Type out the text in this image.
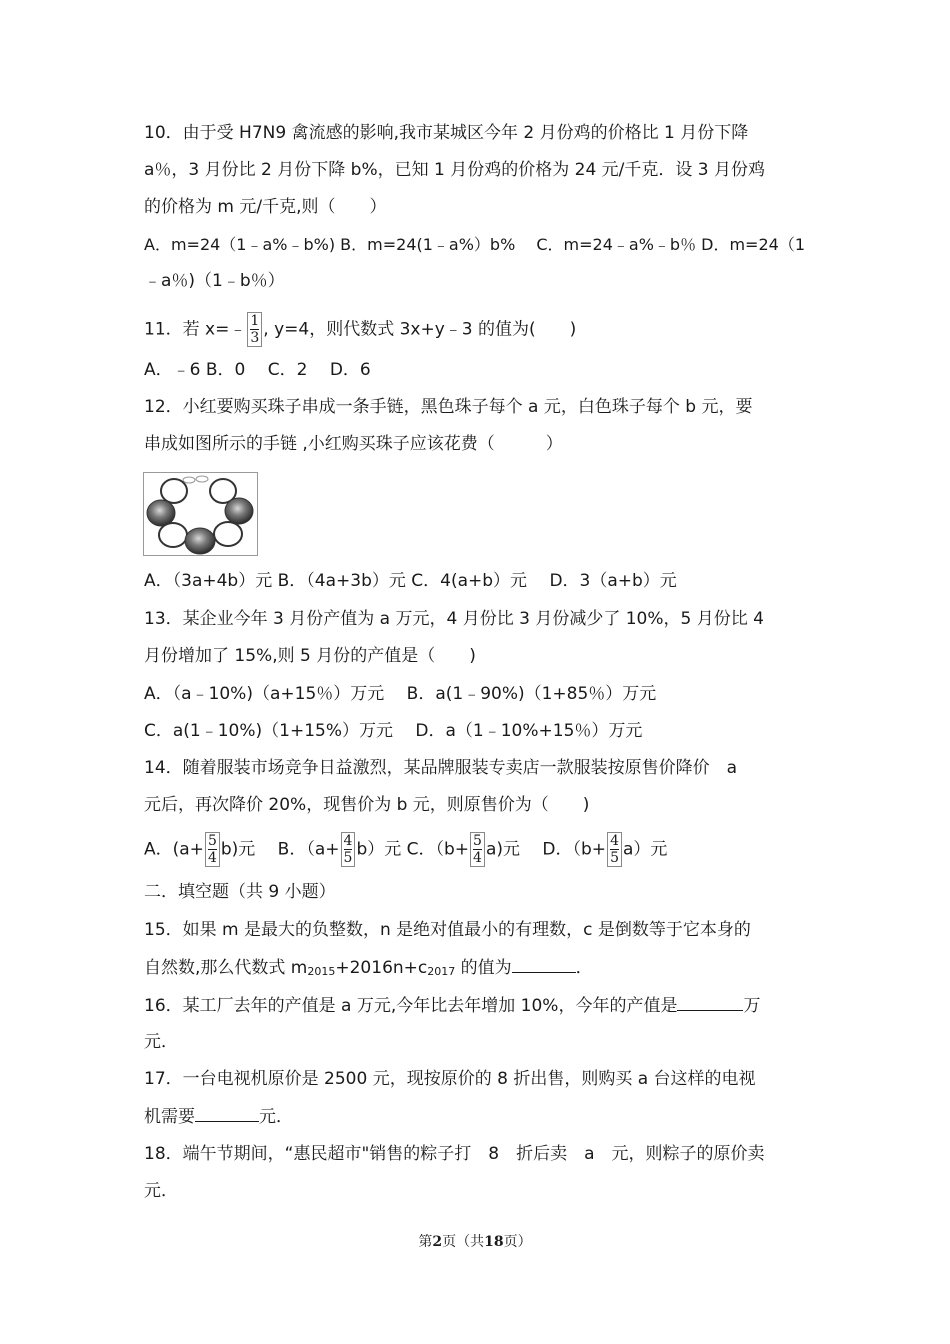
10．由于受 H7N9 禽流感的影响,我市某城区今年 2 月份鸡的价格比 1 月份下降
a％，3 月份比 2 月份下降 b%，已知 1 月份鸡的价格为 24 元/千克．设 3 月份鸡
的价格为 m 元/千克,则（　　）
A．m=24（1﹣a%﹣b%) B．m=24(1﹣a%）b%　 C．m=24﹣a%﹣b％ D．m=24（1
﹣a％)（1﹣b％）
11．若 x=﹣ $\frac{1}{3}$ , y=4，则代数式 3x+y﹣3 的值为(　　)
A．﹣6 B．0　 C．2　 D．6
12．小红要购买珠子串成一条手链，黑色珠子每个 a 元，白色珠子每个 b 元，要
串成如图所示的手链 ,小红购买珠子应该花费（　　　）
A．（3a+4b）元 B．（4a+3b）元 C．4(a+b）元　 D．3（a+b）元
13．某企业今年 3 月份产值为 a 万元，4 月份比 3 月份减少了 10%，5 月份比 4
月份增加了 15%,则 5 月份的产值是（　　)
A．（a﹣10%)（a+15％）万元　 B．a(1﹣90%)（1+85％）万元
C．a(1﹣10%)（1+15%）万元　 D．a（1﹣10%+15％）万元
14．随着服装市场竞争日益激烈，某品牌服装专卖店一款服装按原售价降价　a
元后，再次降价 20%，现售价为 b 元，则原售价为（　　)
A．$(a+ \frac{5}{4} b)$元　 B．$(a+ \frac{4}{5} b)$元 C．$(b+ \frac{5}{4} a)$元　 D．$(b+ \frac{4}{5} a)$元
二．填空题（共 9 小题）
15．如果 m 是最大的负整数，n 是绝对值最小的有理数，c 是倒数等于它本身的
自然数,那么代数式 $m_{2015}+2016n+c_{2017}$ 的值为	．
16．某工厂去年的产值是 a 万元,今年比去年增加 10%，今年的产值是	万
元．
17．一台电视机原价是 2500 元，现按原价的 8 折出售，则购买 a 台这样的电视
机需要	元．
18．端午节期间，“惠民超市"销售的粽子打　8　折后卖　a　元，则粽子的原价卖
元．
第2页（共18页）
